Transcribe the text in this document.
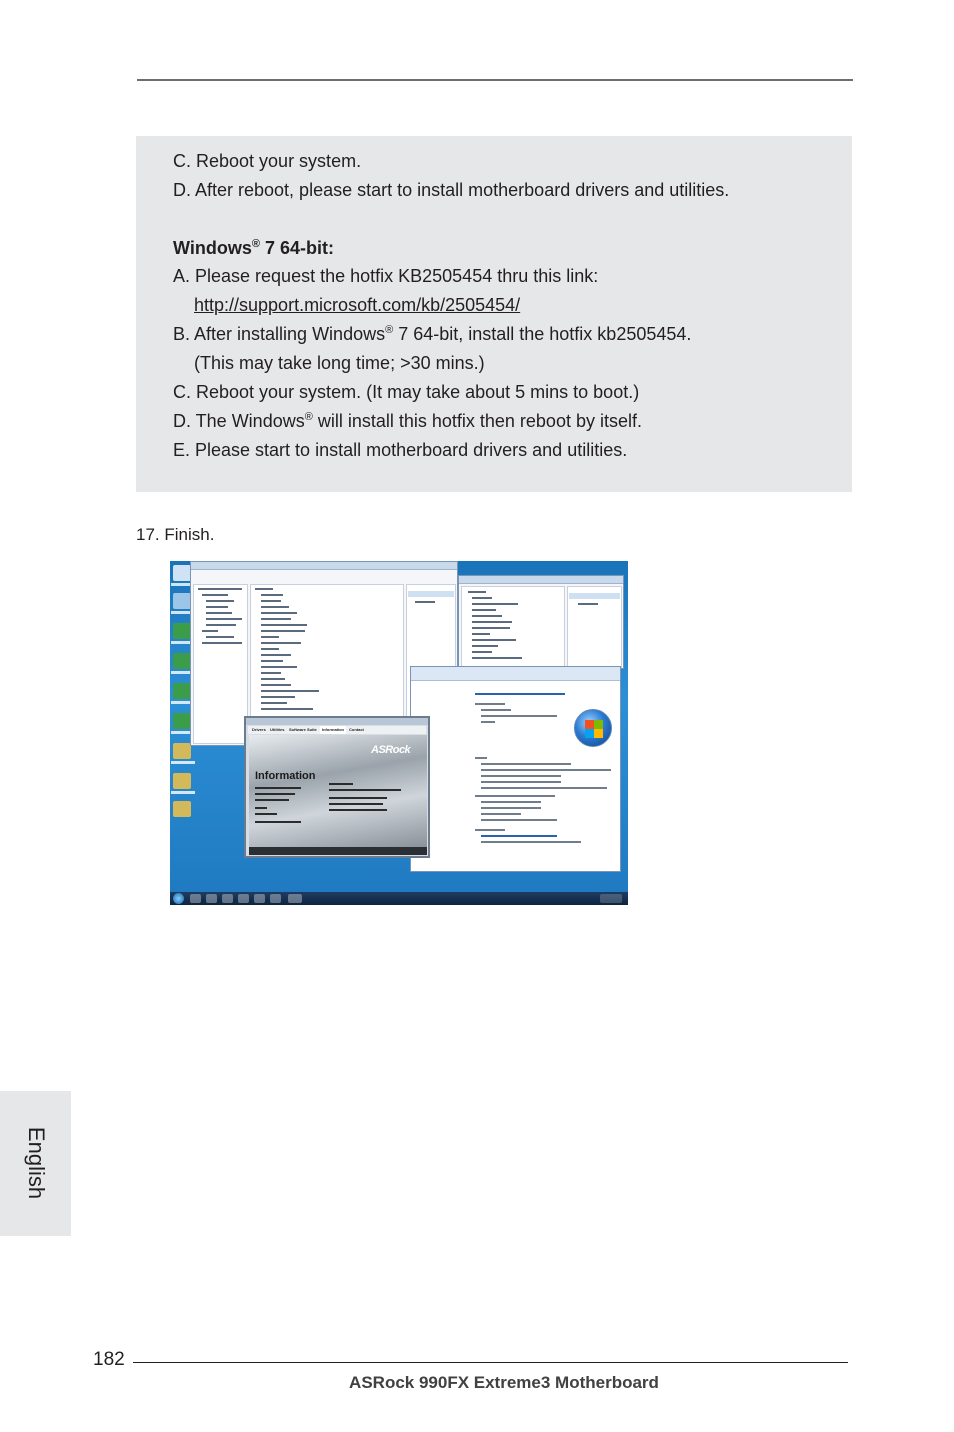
C. Reboot your system.
D. After reboot, please start to install motherboard drivers and utilities.
Windows® 7 64-bit:
A. Please request the hotfix KB2505454 thru this link:
http://support.microsoft.com/kb/2505454/
B. After installing Windows® 7 64-bit, install the hotfix kb2505454.
(This may take long time; >30 mins.)
C. Reboot your system. (It may take about 5 mins to boot.)
D. The Windows® will install this hotfix then reboot by itself.
E. Please start to install motherboard drivers and utilities.
17. Finish.
Drivers	Utilities	Software Suite	Information	Contact
ASRock
Information
English
182
ASRock 990FX Extreme3 Motherboard
